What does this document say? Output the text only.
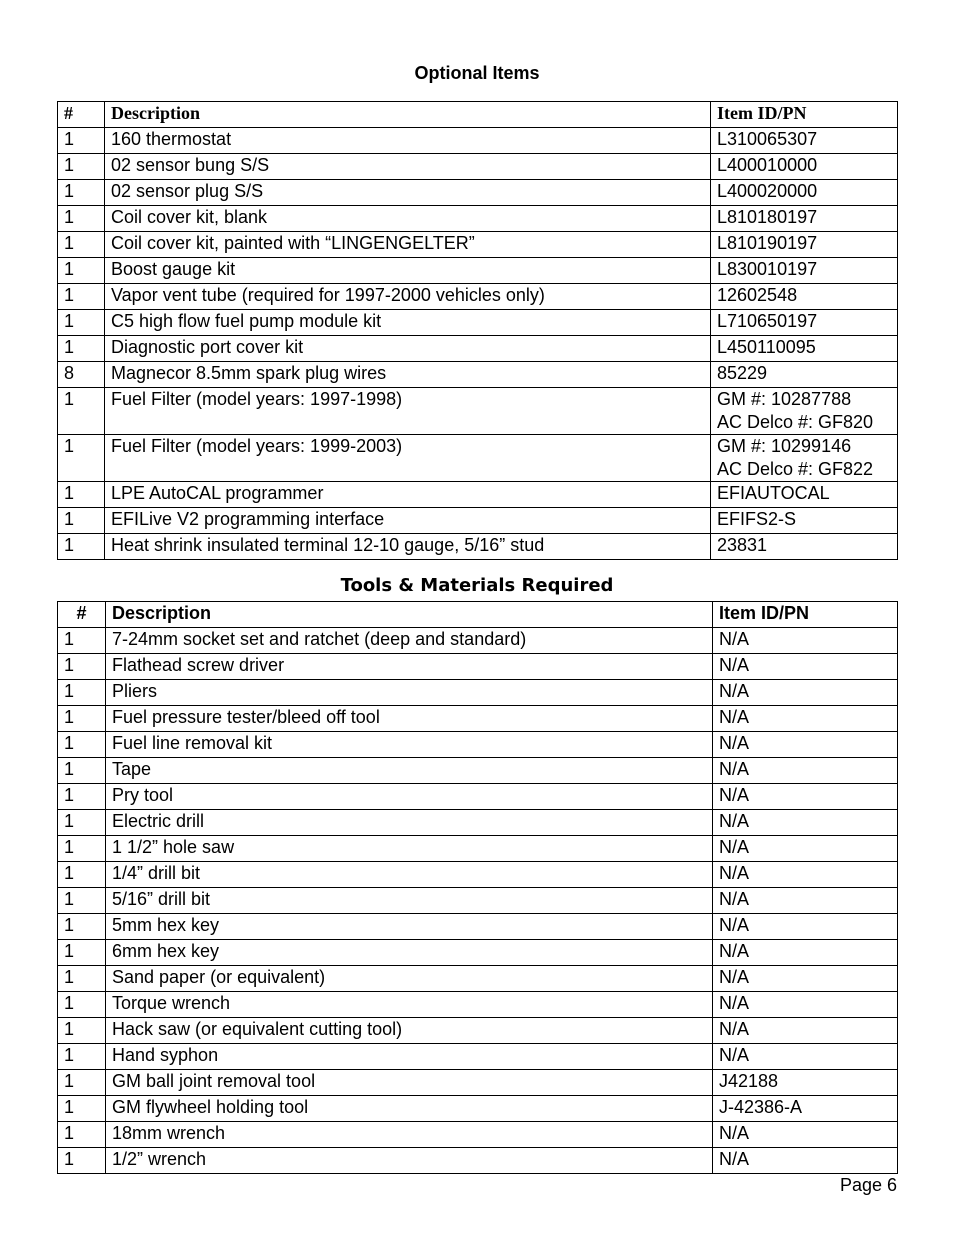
Optional Items
#	Description	Item ID/PN
1	160 thermostat	L310065307
1	02 sensor bung S/S	L400010000
1	02 sensor plug S/S	L400020000
1	Coil cover kit, blank	L810180197
1	Coil cover kit, painted with “LINGENGELTER”	L810190197
1	Boost gauge kit	L830010197
1	Vapor vent tube (required for 1997-2000 vehicles only)	12602548
1	C5 high flow fuel pump module kit	L710650197
1	Diagnostic port cover kit	L450110095
8	Magnecor 8.5mm spark plug wires	85229
1	Fuel Filter (model years: 1997-1998)	GM #: 10287788
AC Delco #: GF820

1	Fuel Filter (model years: 1999-2003)	GM #: 10299146
AC Delco #: GF822

1	LPE AutoCAL programmer	EFIAUTOCAL
1	EFILive V2 programming interface	EFIFS2-S
1	Heat shrink insulated terminal 12-10 gauge, 5/16” stud	23831
Tools & Materials Required
#	Description	Item ID/PN
1	7-24mm socket set and ratchet (deep and standard)	N/A
1	Flathead screw driver	N/A
1	Pliers	N/A
1	Fuel pressure tester/bleed off tool	N/A
1	Fuel line removal kit	N/A
1	Tape	N/A
1	Pry tool	N/A
1	Electric drill	N/A
1	1 1/2” hole saw	N/A
1	1/4” drill bit	N/A
1	5/16” drill bit	N/A
1	5mm hex key	N/A
1	6mm hex key	N/A
1	Sand paper (or equivalent)	N/A
1	Torque wrench	N/A
1	Hack saw (or equivalent cutting tool)	N/A
1	Hand syphon	N/A
1	GM ball joint removal tool	J42188
1	GM flywheel holding tool	J-42386-A
1	18mm wrench	N/A
1	1/2” wrench	N/A
Page 6
